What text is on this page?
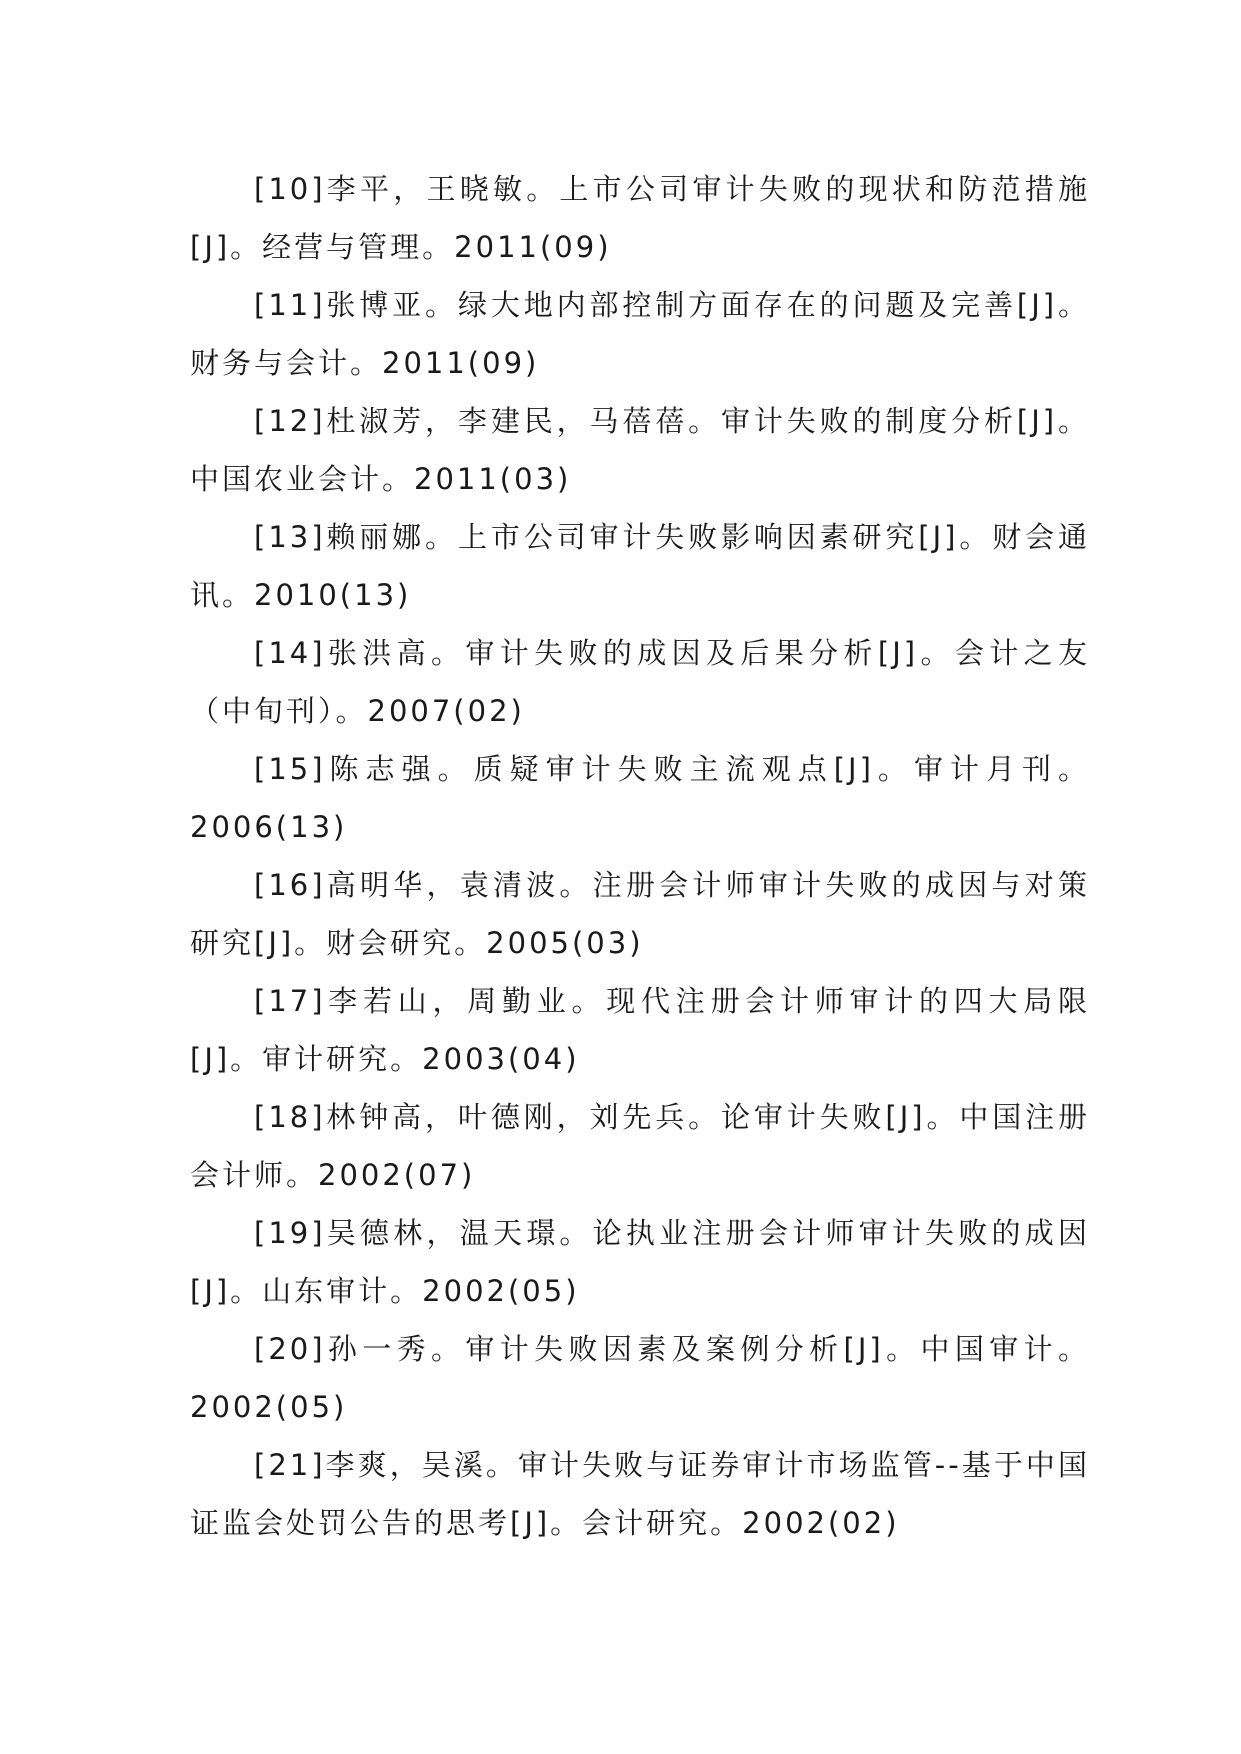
[10]李平，王晓敏。上市公司审计失败的现状和防范措施[J]。经营与管理。2011(09)

[11]张博亚。绿大地内部控制方面存在的问题及完善[J]。财务与会计。2011(09)

[12]杜淑芳，李建民，马蓓蓓。审计失败的制度分析[J]。中国农业会计。2011(03)

[13]赖丽娜。上市公司审计失败影响因素研究[J]。财会通讯。2010(13)

[14]张洪高。审计失败的成因及后果分析[J]。会计之友（中旬刊）。2007(02)

[15]陈志强。质疑审计失败主流观点[J]。审计月刊。2006(13)

[16]高明华，袁清波。注册会计师审计失败的成因与对策研究[J]。财会研究。2005(03)

[17]李若山，周勤业。现代注册会计师审计的四大局限[J]。审计研究。2003(04)

[18]林钟高，叶德刚，刘先兵。论审计失败[J]。中国注册会计师。2002(07)

[19]吴德林，温天璟。论执业注册会计师审计失败的成因[J]。山东审计。2002(05)

[20]孙一秀。审计失败因素及案例分析[J]。中国审计。2002(05)

[21]李爽，吴溪。审计失败与证券审计市场监管--基于中国证监会处罚公告的思考[J]。会计研究。2002(02)
